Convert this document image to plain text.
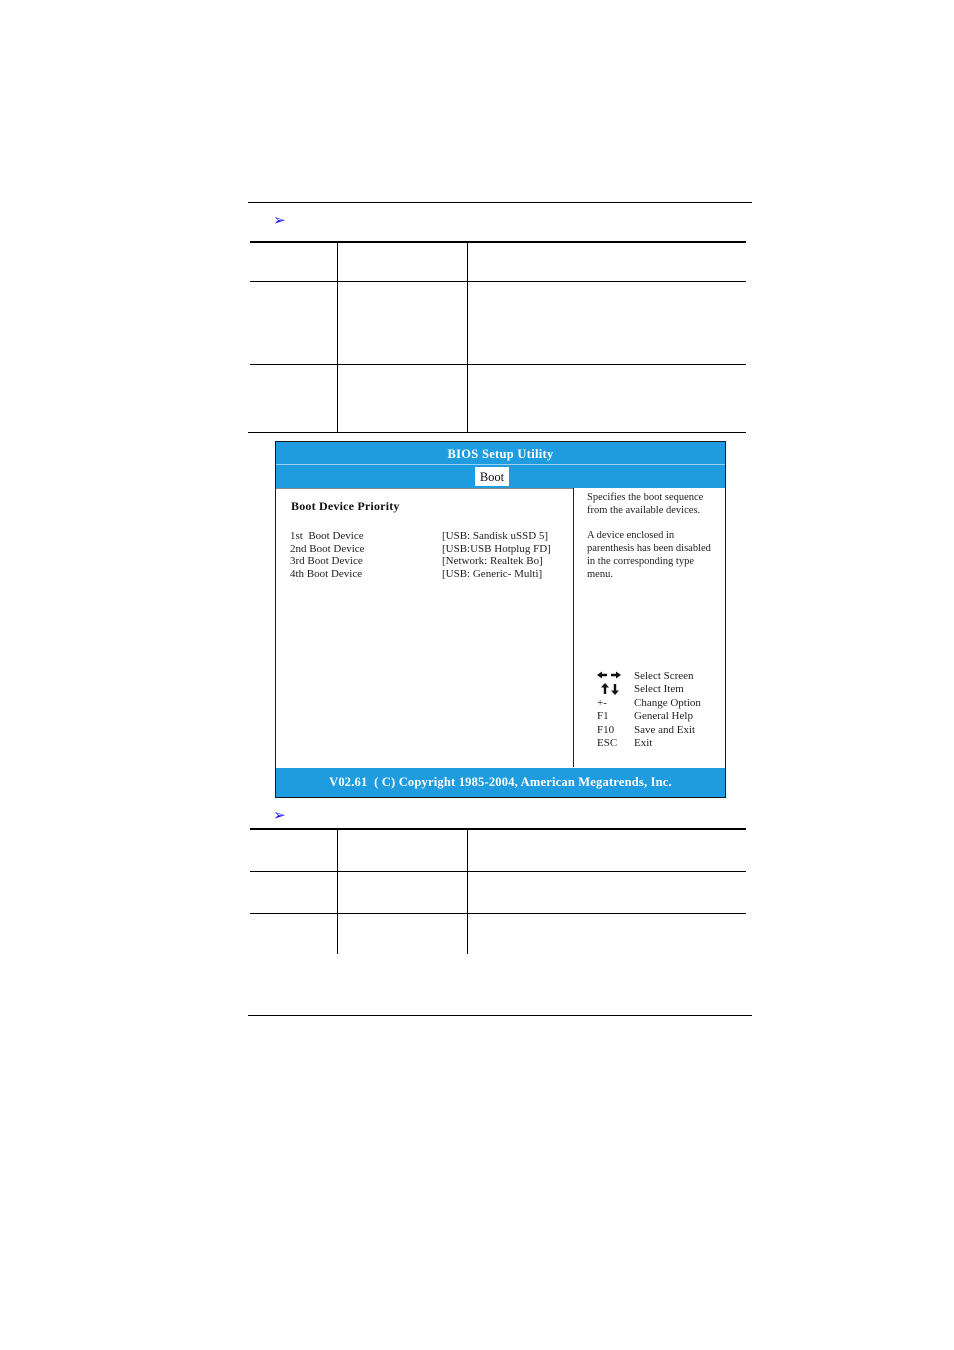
➢
BIOS Setup Utility
Boot
Boot Device Priority
1st  Boot Device	[USB: Sandisk uSSD 5]
2nd Boot Device	[USB:USB Hotplug FD]
3rd Boot Device	[Network: Realtek Bo]
4th Boot Device	[USB: Generic- Multi]

Specifies the boot sequence from the available devices.

A device enclosed in parenthesis has been disabled in the corresponding type menu.

Select Screen
Select Item
+-	Change Option
F1	General Help
F10	Save and Exit
ESC	Exit
V02.61  ( C) Copyright 1985-2004, American Megatrends, Inc.
➢
